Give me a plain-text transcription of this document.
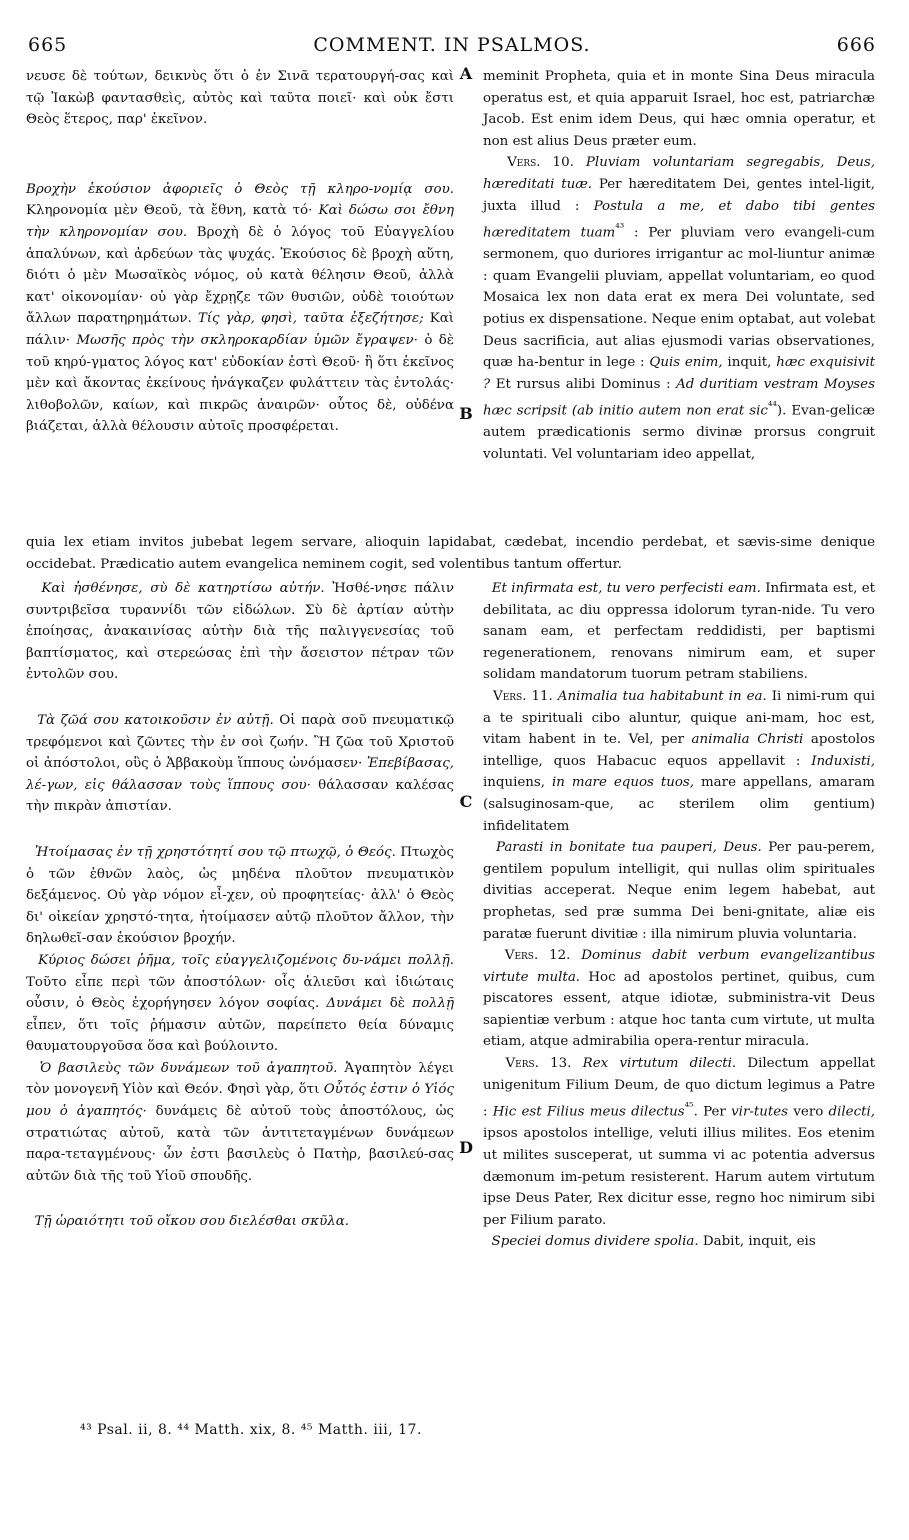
665	COMMENT. IN PSALMOS.	666
A
B
C
D

νευσε δὲ τούτων, δεικνὺς ὅτι ὁ ἐν Σινᾶ τερατουργή-σας καὶ τῷ Ἰακὼβ φαντασθεὶς, αὐτὸς καὶ ταῦτα ποιεῖ· καὶ οὐκ ἔστι Θεὸς ἕτερος, παρ' ἐκεῖνον.

Βροχὴν ἑκούσιον ἀφοριεῖς ὁ Θεὸς τῇ κληρο-νομίᾳ σου. Κληρονομία μὲν Θεοῦ, τὰ ἔθνη, κατὰ τό· Καὶ δώσω σοι ἔθνη τὴν κληρονομίαν σου. Βροχὴ δὲ ὁ λόγος τοῦ Εὐαγγελίου ἁπαλύνων, καὶ ἀρδεύων τὰς ψυχάς. Ἑκούσιος δὲ βροχὴ αὕτη, διότι ὁ μὲν Μωσαϊκὸς νόμος, οὐ κατὰ θέλησιν Θεοῦ, ἀλλὰ κατ' οἰκονομίαν· οὐ γὰρ ἔχρῃζε τῶν θυσιῶν, οὐδὲ τοιούτων ἄλλων παρατηρημάτων. Τίς γὰρ, φησὶ, ταῦτα ἐξεζήτησε; Καὶ πάλιν· Μωσῆς πρὸς τὴν σκληροκαρδίαν ὑμῶν ἔγραψεν· ὁ δὲ τοῦ κηρύ-γματος λόγος κατ' εὐδοκίαν ἐστὶ Θεοῦ· ἢ ὅτι ἐκεῖνος μὲν καὶ ἄκοντας ἐκείνους ἠνάγκαζεν φυλάττειν τὰς ἐντολάς· λιθοβολῶν, καίων, καὶ πικρῶς ἀναιρῶν· οὗτος δὲ, οὐδένα βιάζεται, ἀλλὰ θέλουσιν αὐτοῖς προσφέρεται.

meminit Propheta, quia et in monte Sina Deus miracula operatus est, et quia apparuit Israel, hoc est, patriarchæ Jacob. Est enim idem Deus, qui hæc omnia operatur, et non est alius Deus præter eum.

Vers. 10. Pluviam voluntariam segregabis, Deus, hæreditati tuæ. Per hæreditatem Dei, gentes intel-ligit, juxta illud : Postula a me, et dabo tibi gentes hæreditatem tuam$^{^{43}}$ : Per pluviam vero evangeli-cum sermonem, quo duriores irrigantur ac mol-liuntur animæ : quam Evangelii pluviam, appellat voluntariam, eo quod Mosaica lex non data erat ex mera Dei voluntate, sed potius ex dispensatione. Neque enim optabat, aut volebat Deus sacrificia, aut alias ejusmodi varias observationes, quæ ha-bentur in lege : Quis enim, inquit, hæc exquisivit ? Et rursus alibi Dominus : Ad duritiam vestram Moyses hæc scripsit (ab initio autem non erat sic$^{^{44}}$). Evan-gelicæ autem prædicationis sermo divinæ prorsus congruit voluntati. Vel voluntariam ideo appellat,

quia lex etiam invitos jubebat legem servare, alioquin lapidabat, cædebat, incendio perdebat, et sævis-sime denique occidebat. Prædicatio autem evangelica neminem cogit, sed volentibus tantum offertur.

Καὶ ἠσθένησε, σὺ δὲ κατηρτίσω αὐτήν. Ἠσθέ-νησε πάλιν συντριβεῖσα τυραννίδι τῶν εἰδώλων. Σὺ δὲ ἀρτίαν αὐτὴν ἐποίησας, ἀνακαινίσας αὐτὴν διὰ τῆς παλιγγενεσίας τοῦ βαπτίσματος, καὶ στερεώσας ἐπὶ τὴν ἄσειστον πέτραν τῶν ἐντολῶν σου.

Τὰ ζῶά σου κατοικοῦσιν ἐν αὐτῇ. Οἱ παρὰ σοῦ πνευματικῷ τρεφόμενοι καὶ ζῶντες τὴν ἐν σοὶ ζωήν. Ἢ ζῶα τοῦ Χριστοῦ οἱ ἀπόστολοι, οὓς ὁ Ἀββακοὺμ ἵππους ὠνόμασεν· Ἐπεβίβασας, λέ-γων, εἰς θάλασσαν τοὺς ἵππους σου· θάλασσαν καλέσας τὴν πικρὰν ἀπιστίαν.

Ἡτοίμασας ἐν τῇ χρηστότητί σου τῷ πτωχῷ, ὁ Θεός. Πτωχὸς ὁ τῶν ἐθνῶν λαὸς, ὡς μηδένα πλοῦτον πνευματικὸν δεξάμενος. Οὐ γὰρ νόμον εἶ-χεν, οὐ προφητείας· ἀλλ' ὁ Θεὸς δι' οἰκείαν χρηστό-τητα, ἡτοίμασεν αὐτῷ πλοῦτον ἄλλον, τὴν δηλωθεῖ-σαν ἑκούσιον βροχήν.

Κύριος δώσει ῥῆμα, τοῖς εὐαγγελιζομένοις δυ-νάμει πολλῇ. Τοῦτο εἶπε περὶ τῶν ἀποστόλων· οἷς ἁλιεῦσι καὶ ἰδιώταις οὖσιν, ὁ Θεὸς ἐχορήγησεν λόγον σοφίας. Δυνάμει δὲ πολλῇ εἶπεν, ὅτι τοῖς ῥήμασιν αὐτῶν, παρείπετο θεία δύναμις θαυματουργοῦσα ὅσα καὶ βούλοιντο.

Ὁ βασιλεὺς τῶν δυνάμεων τοῦ ἀγαπητοῦ. Ἀγαπητὸν λέγει τὸν μονογενῆ Υἱὸν καὶ Θεόν. Φησὶ γὰρ, ὅτι Οὗτός ἐστιν ὁ Υἱός μου ὁ ἀγαπητός· δυνάμεις δὲ αὐτοῦ τοὺς ἀποστόλους, ὡς στρατιώτας αὐτοῦ, κατὰ τῶν ἀντιτεταγμένων δυνάμεων παρα-τεταγμένους· ὧν ἐστι βασιλεὺς ὁ Πατὴρ, βασιλεύ-σας αὐτῶν διὰ τῆς τοῦ Υἱοῦ σπουδῆς.

Τῇ ὡραιότητι τοῦ οἴκου σου διελέσθαι σκῦλα.

Et infirmata est, tu vero perfecisti eam. Infirmata est, et debilitata, ac diu oppressa idolorum tyran-nide. Tu vero sanam eam, et perfectam reddidisti, per baptismi regenerationem, renovans nimirum eam, et super solidam mandatorum tuorum petram stabiliens.

Vers. 11. Animalia tua habitabunt in ea. Ii nimi-rum qui a te spirituali cibo aluntur, quique ani-mam, hoc est, vitam habent in te. Vel, per animalia Christi apostolos intellige, quos Habacuc equos appellavit : Induxisti, inquiens, in mare equos tuos, mare appellans, amaram (salsuginosam-que, ac sterilem olim gentium) infidelitatem

Parasti in bonitate tua pauperi, Deus. Per pau-perem, gentilem populum intelligit, qui nullas olim spirituales divitias acceperat. Neque enim legem habebat, aut prophetas, sed præ summa Dei beni-gnitate, aliæ eis paratæ fuerunt divitiæ : illa nimirum pluvia voluntaria.

Vers. 12. Dominus dabit verbum evangelizantibus virtute multa. Hoc ad apostolos pertinet, quibus, cum piscatores essent, atque idiotæ, subministra-vit Deus sapientiæ verbum : atque hoc tanta cum virtute, ut multa etiam, atque admirabilia opera-rentur miracula.

Vers. 13. Rex virtutum dilecti. Dilectum appellat unigenitum Filium Deum, de quo dictum legimus a Patre : Hic est Filius meus dilectus$^{^{45}}$. Per vir-tutes vero dilecti, ipsos apostolos intellige, veluti illius milites. Eos etenim ut milites susceperat, ut summa vi ac potentia adversus dæmonum im-petum resisterent. Harum autem virtutum ipse Deus Pater, Rex dicitur esse, regno hoc nimirum sibi per Filium parato.

Speciei domus dividere spolia. Dabit, inquit, eis

⁴³ Psal. ii, 8. ⁴⁴ Matth. xix, 8. ⁴⁵ Matth. iii, 17.
